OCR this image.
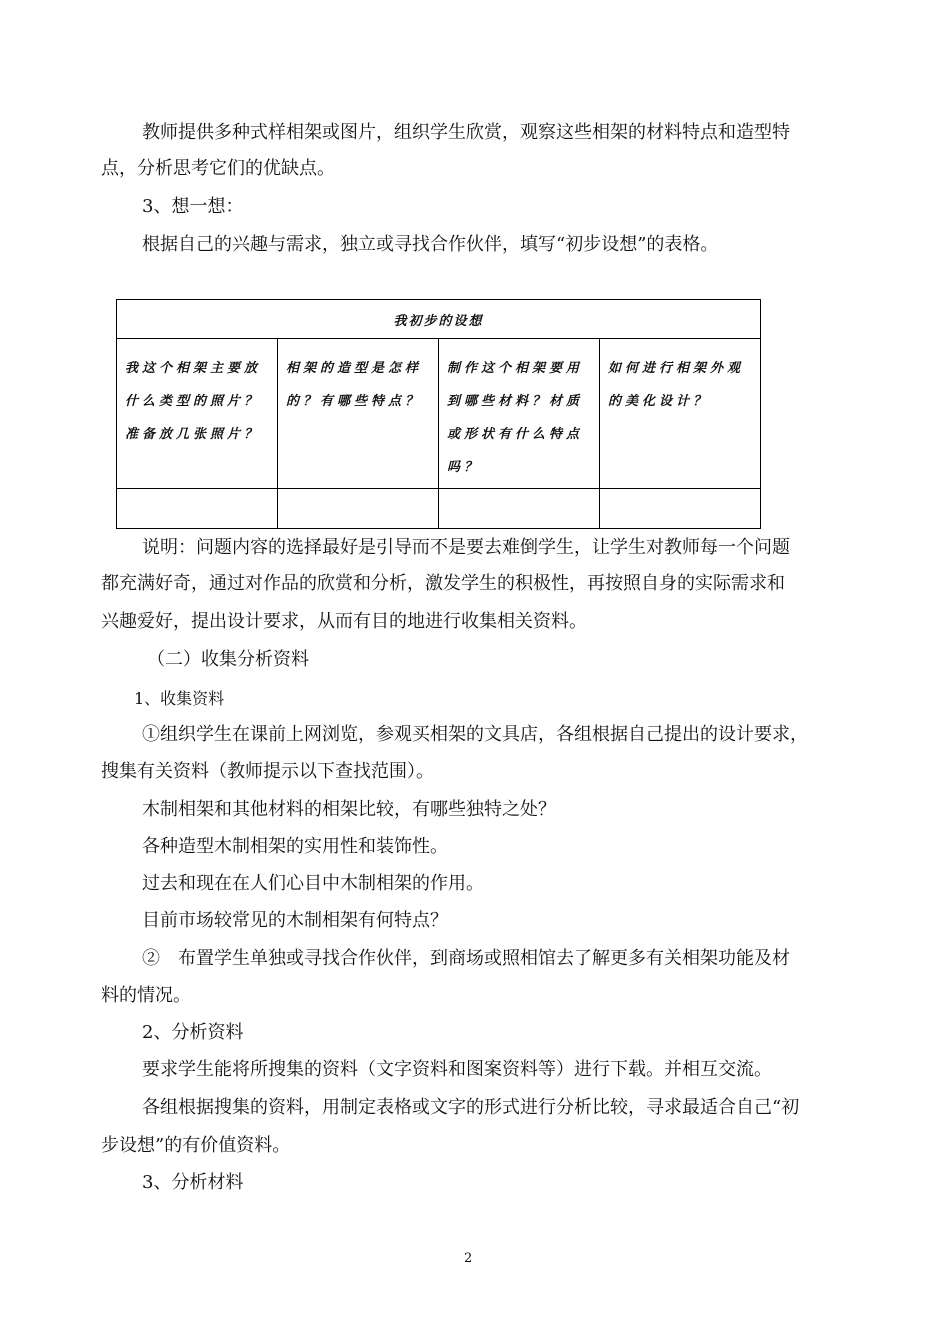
教师提供多种式样相架或图片，组织学生欣赏，观察这些相架的材料特点和造型特

点，分析思考它们的优缺点。

3、想一想：

根据自己的兴趣与需求，独立或寻找合作伙伴，填写“初步设想”的表格。

我初步的设想			
我这个相架主要放什么类型的照片？准备放几张照片？	相架的造型是怎样的？有哪些特点？	制作这个相架要用到哪些材料？材质或形状有什么特点吗？	如何进行相架外观的美化设计？

说明：问题内容的选择最好是引导而不是要去难倒学生，让学生对教师每一个问题

都充满好奇，通过对作品的欣赏和分析，激发学生的积极性，再按照自身的实际需求和

兴趣爱好，提出设计要求，从而有目的地进行收集相关资料。

（二）收集分析资料

1、收集资料

①组织学生在课前上网浏览，参观买相架的文具店，各组根据自己提出的设计要求，

搜集有关资料（教师提示以下查找范围）。

木制相架和其他材料的相架比较，有哪些独特之处？

各种造型木制相架的实用性和装饰性。

过去和现在在人们心目中木制相架的作用。

目前市场较常见的木制相架有何特点？

②　布置学生单独或寻找合作伙伴，到商场或照相馆去了解更多有关相架功能及材

料的情况。

2、分析资料

要求学生能将所搜集的资料（文字资料和图案资料等）进行下载。并相互交流。

各组根据搜集的资料，用制定表格或文字的形式进行分析比较，寻求最适合自己“初

步设想”的有价值资料。

3、分析材料

2
